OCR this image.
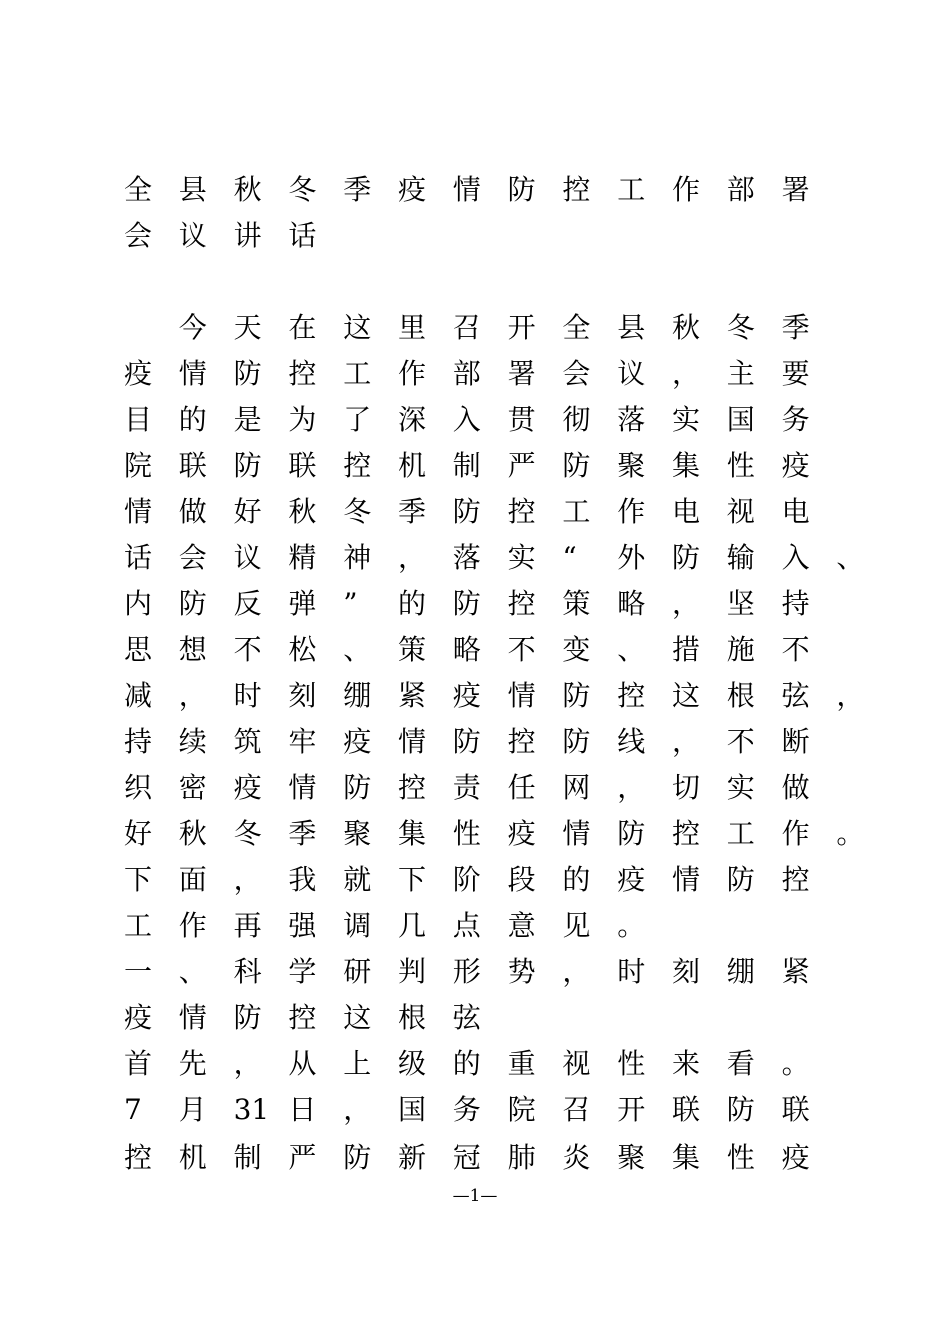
全 县 秋 冬 季 疫 情 防 控 工 作 部 署
会 议 讲 话
今 天 在 这 里 召 开 全 县 秋 冬 季
疫 情 防 控 工 作 部 署 会 议 ， 主 要
目 的 是 为 了 深 入 贯 彻 落 实 国 务
院 联 防 联 控 机 制 严 防 聚 集 性 疫
情 做 好 秋 冬 季 防 控 工 作 电 视 电
话 会 议 精 神 ， 落 实 “ 外 防 输 入 、
内 防 反 弹 ” 的 防 控 策 略 ， 坚 持
思 想 不 松 、 策 略 不 变 、 措 施 不
减 ， 时 刻 绷 紧 疫 情 防 控 这 根 弦 ，
持 续 筑 牢 疫 情 防 控 防 线 ， 不 断
织 密 疫 情 防 控 责 任 网 ， 切 实 做
好 秋 冬 季 聚 集 性 疫 情 防 控 工 作 。
下 面 ， 我 就 下 阶 段 的 疫 情 防 控
工 作 再 强 调 几 点 意 见 。
一 、 科 学 研 判 形 势 ， 时 刻 绷 紧
疫 情 防 控 这 根 弦
首 先 ， 从 上 级 的 重 视 性 来 看 。
7 月 31 日 ， 国 务 院 召 开 联 防 联
控 机 制 严 防 新 冠 肺 炎 聚 集 性 疫
—1—
